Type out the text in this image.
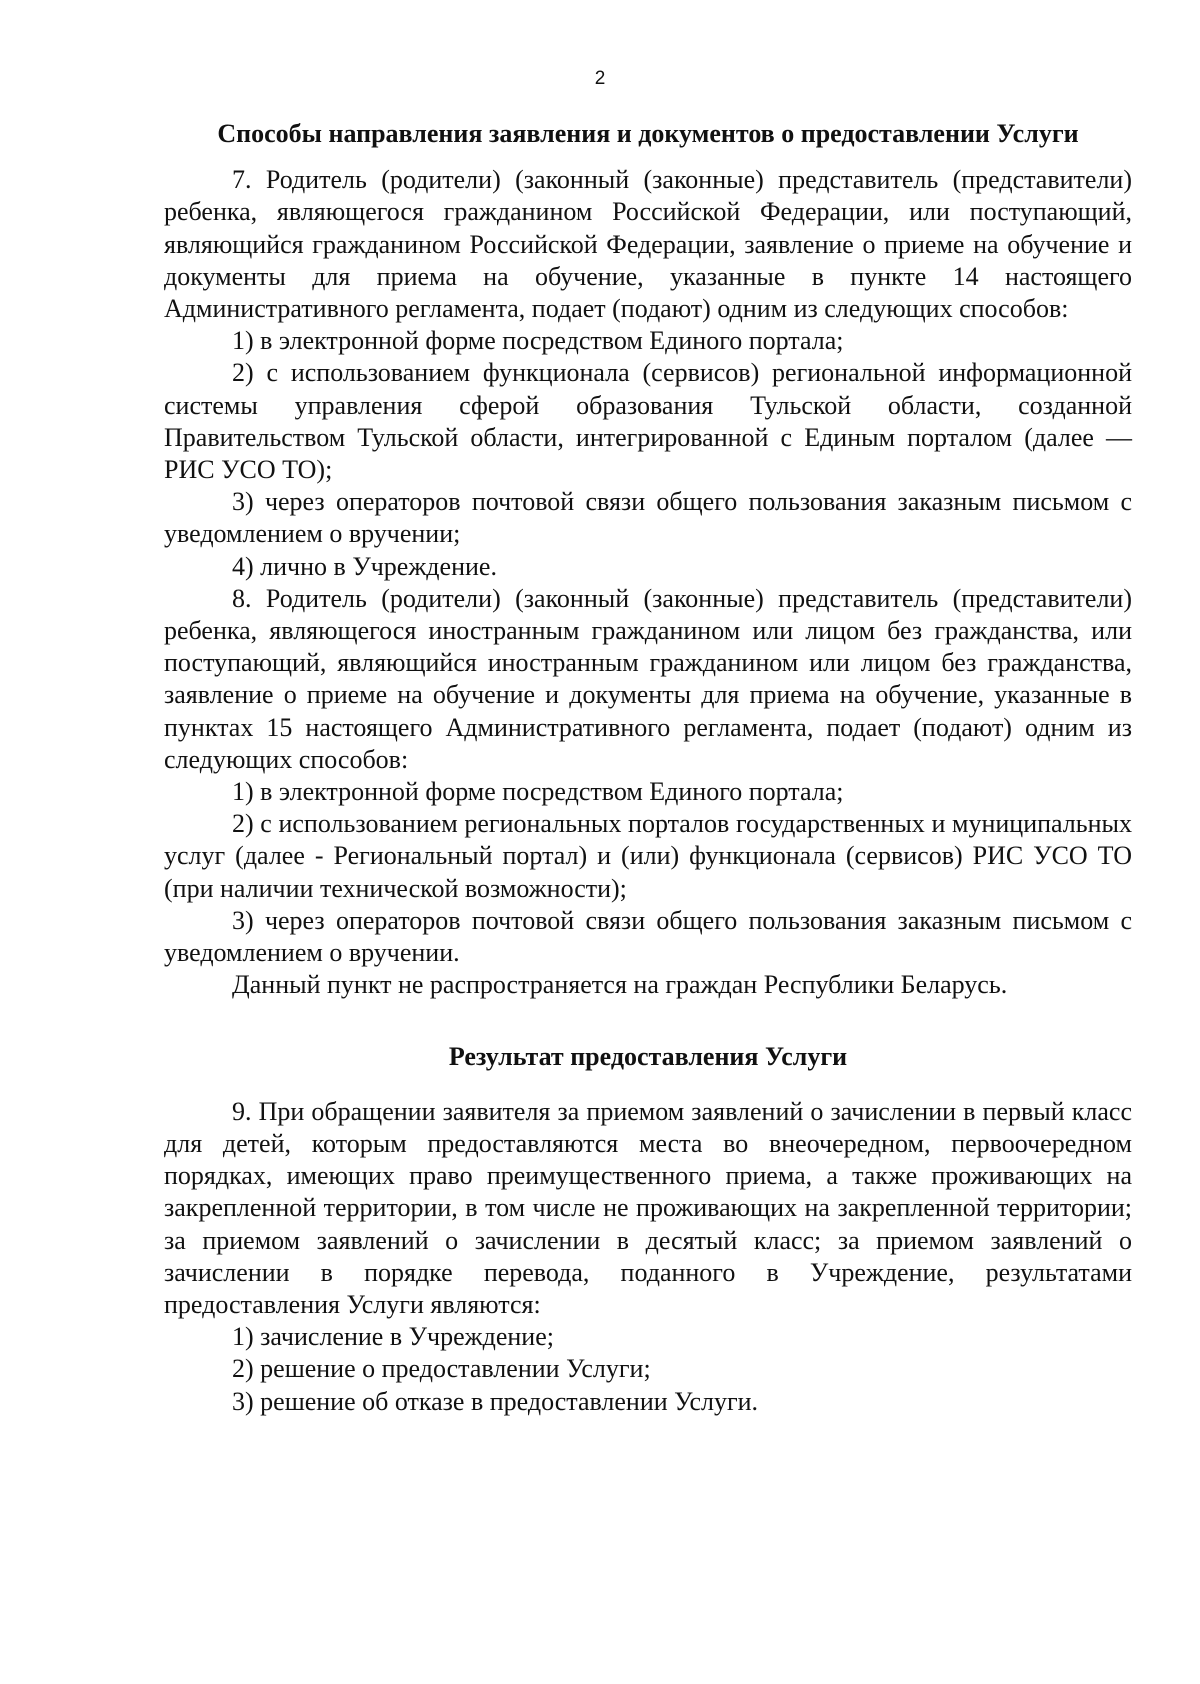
2
Способы направления заявления и документов о предоставлении Услуги

7. Родитель (родители) (законный (законные) представитель (представители) ребенка, являющегося гражданином Российской Федерации, или поступающий, являющийся гражданином Российской Федерации, заявление о приеме на обучение и документы для приема на обучение, указанные в пункте 14 настоящего Административного регламента, подает (подают) одним из следующих способов:

1) в электронной форме посредством Единого портала;

2) с использованием функционала (сервисов) региональной информационной системы управления сферой образования Тульской области, созданной Правительством Тульской области, интегрированной с Единым порталом (далее — РИС УСО ТО);

3) через операторов почтовой связи общего пользования заказным письмом с уведомлением о вручении;

4) лично в Учреждение.

8. Родитель (родители) (законный (законные) представитель (представители) ребенка, являющегося иностранным гражданином или лицом без гражданства, или поступающий, являющийся иностранным гражданином или лицом без гражданства, заявление о приеме на обучение и документы для приема на обучение, указанные в пунктах 15 настоящего Административного регламента, подает (подают) одним из следующих способов:

1) в электронной форме посредством Единого портала;

2) с использованием региональных порталов государственных и муниципальных услуг (далее - Региональный портал) и (или) функционала (сервисов) РИС УСО ТО (при наличии технической возможности);

3) через операторов почтовой связи общего пользования заказным письмом с уведомлением о вручении.

Данный пункт не распространяется на граждан Республики Беларусь.

Результат предоставления Услуги

9. При обращении заявителя за приемом заявлений о зачислении в первый класс для детей, которым предоставляются места во внеочередном, первоочередном порядках, имеющих право преимущественного приема, а также проживающих на закрепленной территории, в том числе не проживающих на закрепленной территории; за приемом заявлений о зачислении в десятый класс; за приемом заявлений о зачислении в порядке перевода, поданного в Учреждение, результатами предоставления Услуги являются:

1) зачисление в Учреждение;

2) решение о предоставлении Услуги;

3) решение об отказе в предоставлении Услуги.
